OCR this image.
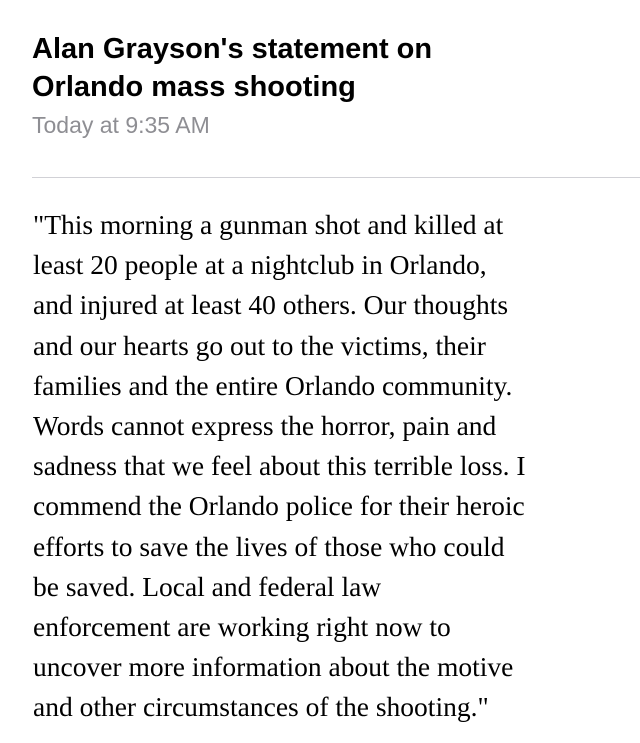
Alan Grayson's statement on
Orlando mass shooting
Today at 9:35 AM
"This morning a gunman shot and killed at
least 20 people at a nightclub in Orlando,
and injured at least 40 others. Our thoughts
and our hearts go out to the victims, their
families and the entire Orlando community.
Words cannot express the horror, pain and
sadness that we feel about this terrible loss. I
commend the Orlando police for their heroic
efforts to save the lives of those who could
be saved. Local and federal law
enforcement are working right now to
uncover more information about the motive
and other circumstances of the shooting."
